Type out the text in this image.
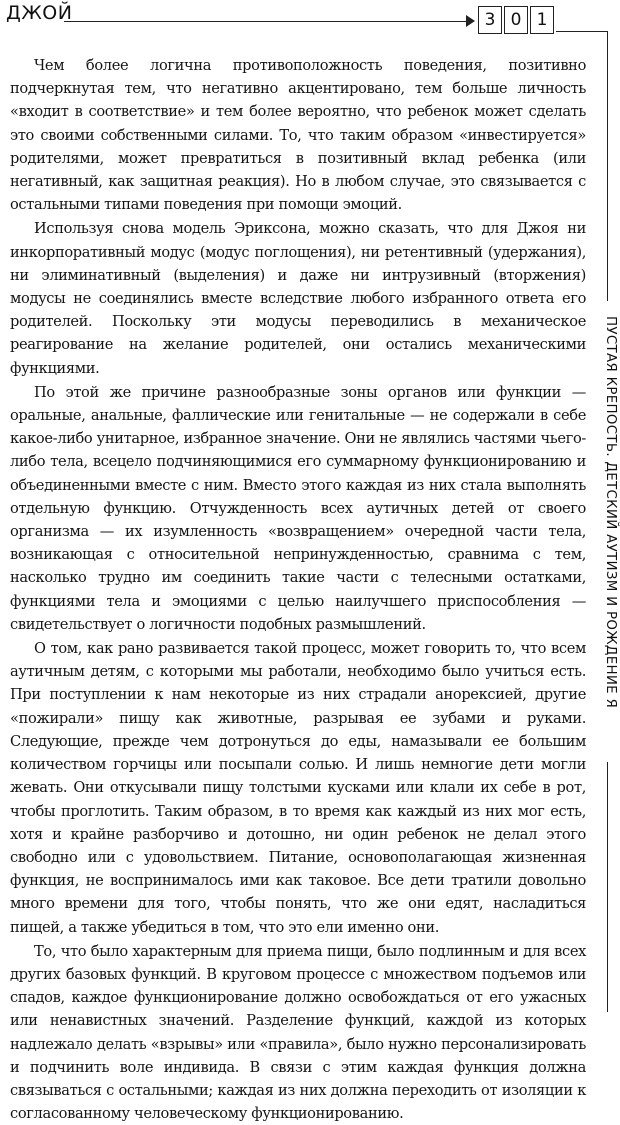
ДЖОЙ	3 0 1
ПУСТАЯ КРЕПОСТЬ. ДЕТСКИЙ АУТИЗМ И РОЖДЕНИЕ Я

Чем более логична противоположность поведения, позитивно подчеркнутая тем, что негативно акцентировано, тем больше личность «входит в соответствие» и тем более вероятно, что ребенок может сделать это своими собственными силами. То, что таким образом «инвестируется» родителями, может превратиться в позитивный вклад ребенка (или негативный, как защитная реакция). Но в любом случае, это связывается с остальными типами поведения при помощи эмоций.

Используя снова модель Эриксона, можно сказать, что для Джоя ни инкорпоративный модус (модус поглощения), ни ретентивный (удержания), ни элиминативный (выделения) и даже ни интрузивный (вторжения) модусы не соединялись вместе вследствие любого избранного ответа его родителей. Поскольку эти модусы переводились в механическое реагирование на желание родителей, они остались механическими функциями.

По этой же причине разнообразные зоны органов или функции — оральные, анальные, фаллические или генитальные — не содержали в себе какое-либо унитарное, избранное значение. Они не являлись частями чьего-либо тела, всецело подчиняющимися его суммарному функционированию и объединенными вместе с ним. Вместо этого каждая из них стала выполнять отдельную функцию. Отчужденность всех аутичных детей от своего организма — их изумленность «возвращением» очередной части тела, возникающая с относительной непринужденностью, сравнима с тем, насколько трудно им соединить такие части с телесными остатками, функциями тела и эмоциями с целью наилучшего приспособления — свидетельствует о логичности подобных размышлений.

О том, как рано развивается такой процесс, может говорить то, что всем аутичным детям, с которыми мы работали, необходимо было учиться есть. При поступлении к нам некоторые из них страдали анорексией, другие «пожирали» пищу как животные, разрывая ее зубами и руками. Следующие, прежде чем дотронуться до еды, намазывали ее большим количеством горчицы или посыпали солью. И лишь немногие дети могли жевать. Они откусывали пищу толстыми кусками или клали их себе в рот, чтобы проглотить. Таким образом, в то время как каждый из них мог есть, хотя и крайне разборчиво и дотошно, ни один ребенок не делал этого свободно или с удовольствием. Питание, основополагающая жизненная функция, не воспринималось ими как таковое. Все дети тратили довольно много времени для того, чтобы понять, что же они едят, насладиться пищей, а также убедиться в том, что это ели именно они.

То, что было характерным для приема пищи, было подлинным и для всех других базовых функций. В круговом процессе с множеством подъемов или спадов, каждое функционирование должно освобождаться от его ужасных или ненавистных значений. Разделение функций, каждой из которых надлежало делать «взрывы» или «правила», было нужно персонализировать и подчинить воле индивида. В связи с этим каждая функция должна связываться с остальными; каждая из них должна переходить от изоляции к согласованному человеческому функционированию.
